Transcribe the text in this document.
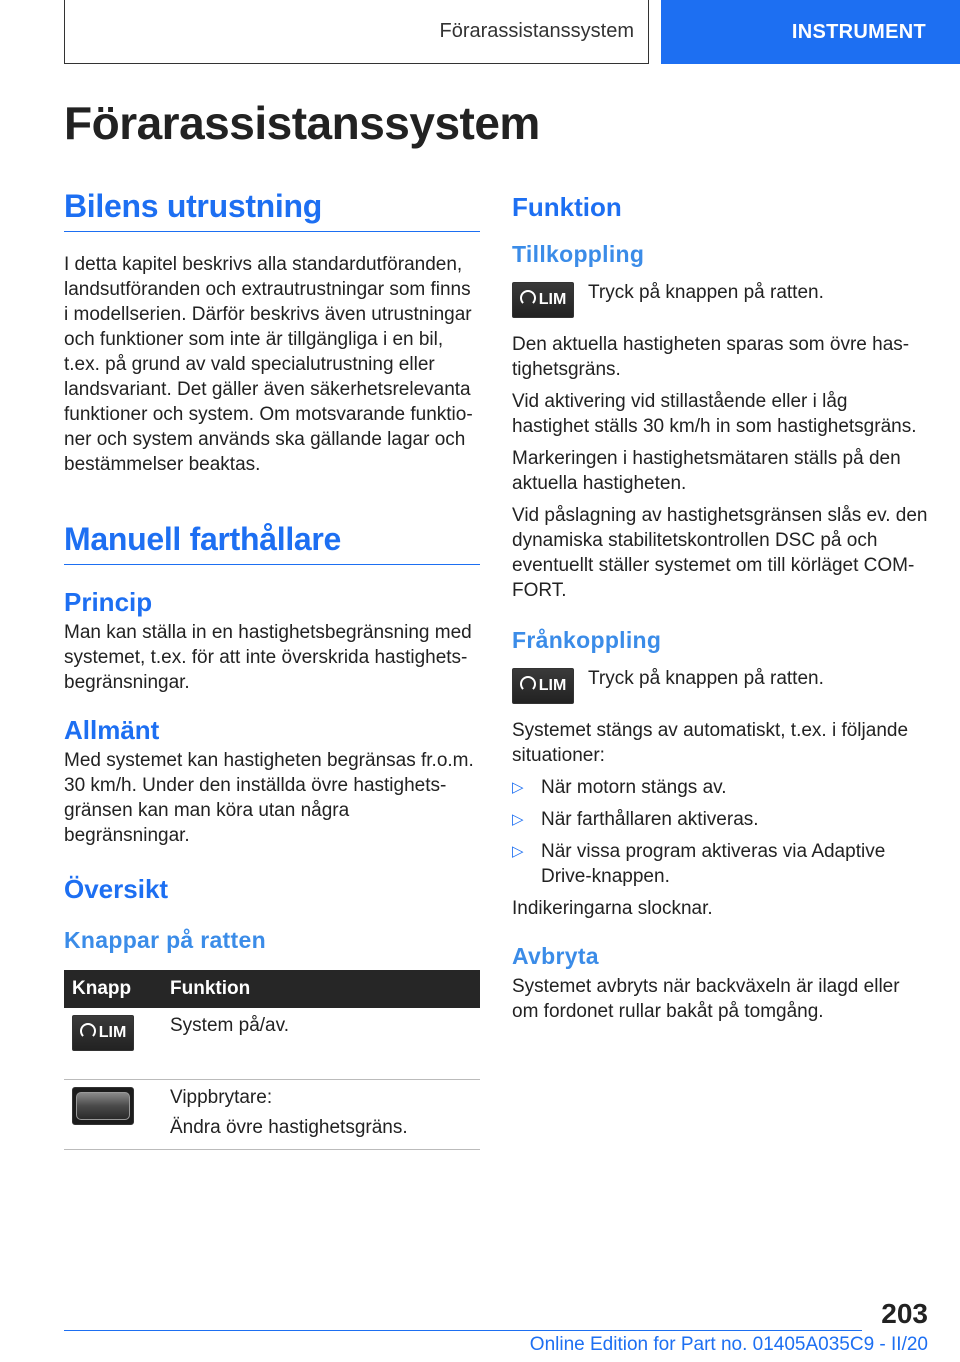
Förarassistanssystem	INSTRUMENT
Förarassistanssystem
Bilens utrustning

I detta kapitel beskrivs alla standardutföranden, landsutföranden och extrautrustningar som finns i modellserien. Därför beskrivs även utrustningar och funktioner som inte är tillgängliga i en bil, t.ex. på grund av vald specialutrustning eller landsvariant. Det gäller även säkerhetsrelevanta funktioner och system. Om motsvarande funktio-ner och system används ska gällande lagar och bestämmelser beaktas.

Manuell farthållare
Princip

Man kan ställa in en hastighetsbegränsning med systemet, t.ex. för att inte överskrida hastighets-begränsningar.

Allmänt

Med systemet kan hastigheten begränsas fr.o.m. 30 km/h. Under den inställda övre hastighets-gränsen kan man köra utan några begränsningar.

Översikt
Knappar på ratten
Knapp	Funktion

LIM	System på/av.

	Vippbrytare:
Ändra övre hastighetsgräns.
Funktion
Tillkoppling
LIM Tryck på knappen på ratten.

Den aktuella hastigheten sparas som övre has-tighetsgräns.

Vid aktivering vid stillastående eller i låg hastighet ställs 30 km/h in som hastighetsgräns.

Markeringen i hastighetsmätaren ställs på den aktuella hastigheten.

Vid påslagning av hastighetsgränsen slås ev. den dynamiska stabilitetskontrollen DSC på och eventuellt ställer systemet om till körläget COM-FORT.

Frånkoppling
LIM Tryck på knappen på ratten.

Systemet stängs av automatiskt, t.ex. i följande situationer:

▷ När motorn stängs av.
▷ När farthållaren aktiveras.
▷ När vissa program aktiveras via Adaptive Drive-knappen.

Indikeringarna slocknar.

Avbryta

Systemet avbryts när backväxeln är ilagd eller om fordonet rullar bakåt på tomgång.

203
Online Edition for Part no. 01405A035C9 - II/20
